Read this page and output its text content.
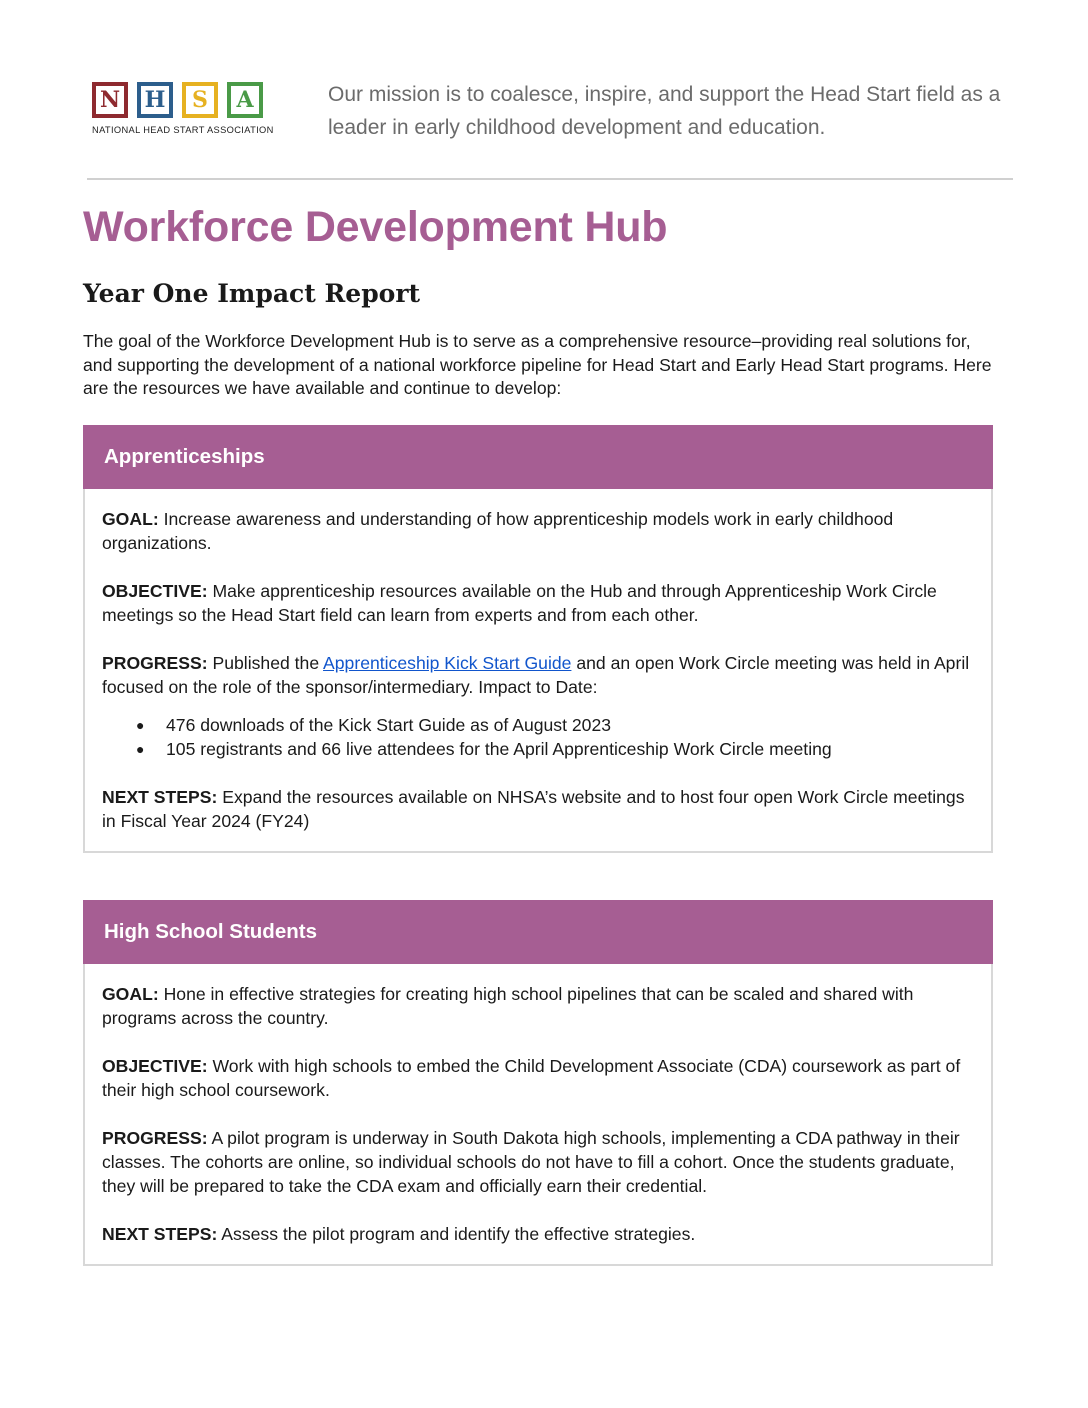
N	H	S	A
NATIONAL HEAD START ASSOCIATION
Our mission is to coalesce, inspire, and support the Head Start field as a leader in early childhood development and education.
Workforce Development Hub
Year One Impact Report

The goal of the Workforce Development Hub is to serve as a comprehensive resource–providing real solutions for, and supporting the development of a national workforce pipeline for Head Start and Early Head Start programs. Here are the resources we have available and continue to develop:

Apprenticeships

GOAL: Increase awareness and understanding of how apprenticeship models work in early childhood organizations.

OBJECTIVE: Make apprenticeship resources available on the Hub and through Apprenticeship Work Circle meetings so the Head Start field can learn from experts and from each other.

PROGRESS: Published the Apprenticeship Kick Start Guide and an open Work Circle meeting was held in April focused on the role of the sponsor/intermediary. Impact to Date:

● 476 downloads of the Kick Start Guide as of August 2023
● 105 registrants and 66 live attendees for the April Apprenticeship Work Circle meeting

NEXT STEPS: Expand the resources available on NHSA’s website and to host four open Work Circle meetings in Fiscal Year 2024 (FY24)

High School Students

GOAL: Hone in effective strategies for creating high school pipelines that can be scaled and shared with programs across the country.

OBJECTIVE: Work with high schools to embed the Child Development Associate (CDA) coursework as part of their high school coursework.

PROGRESS: A pilot program is underway in South Dakota high schools, implementing a CDA pathway in their classes. The cohorts are online, so individual schools do not have to fill a cohort. Once the students graduate, they will be prepared to take the CDA exam and officially earn their credential.

NEXT STEPS: Assess the pilot program and identify the effective strategies.
